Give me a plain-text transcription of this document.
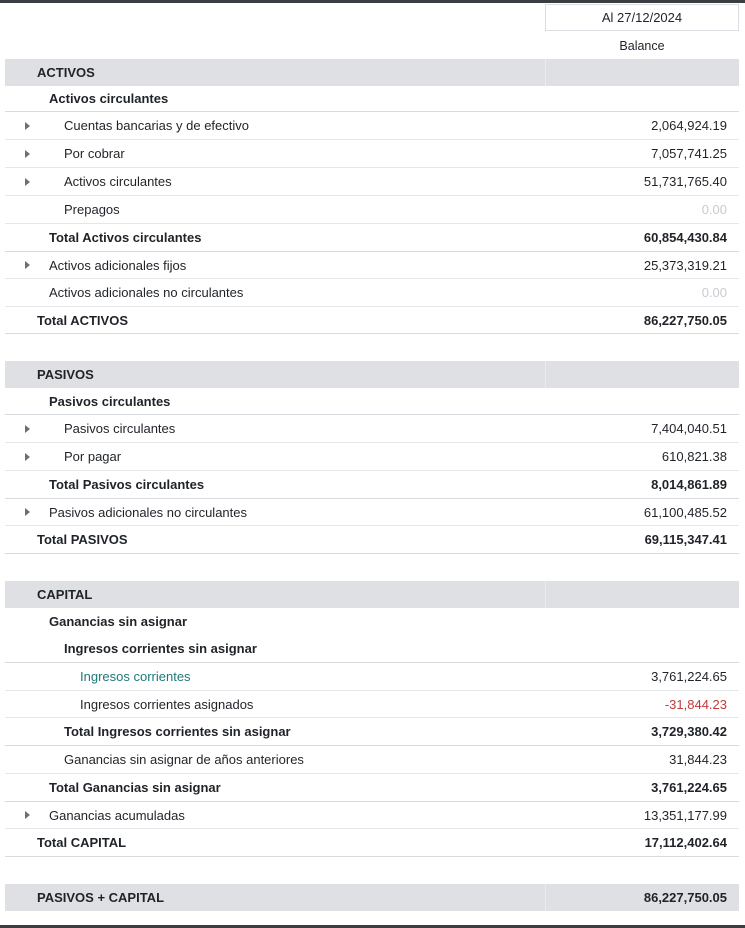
Al 27/12/2024
Balance
ACTIVOS
Activos circulantes
Cuentas bancarias y de efectivo	2,064,924.19
Por cobrar	7,057,741.25
Activos circulantes	51,731,765.40
Prepagos	0.00
Total Activos circulantes	60,854,430.84
Activos adicionales fijos	25,373,319.21
Activos adicionales no circulantes	0.00
Total ACTIVOS	86,227,750.05
PASIVOS
Pasivos circulantes
Pasivos circulantes	7,404,040.51
Por pagar	610,821.38
Total Pasivos circulantes	8,014,861.89
Pasivos adicionales no circulantes	61,100,485.52
Total PASIVOS	69,115,347.41
CAPITAL
Ganancias sin asignar
Ingresos corrientes sin asignar
Ingresos corrientes	3,761,224.65
Ingresos corrientes asignados	-31,844.23
Total Ingresos corrientes sin asignar	3,729,380.42
Ganancias sin asignar de años anteriores	31,844.23
Total Ganancias sin asignar	3,761,224.65
Ganancias acumuladas	13,351,177.99
Total CAPITAL	17,112,402.64
PASIVOS + CAPITAL	86,227,750.05
